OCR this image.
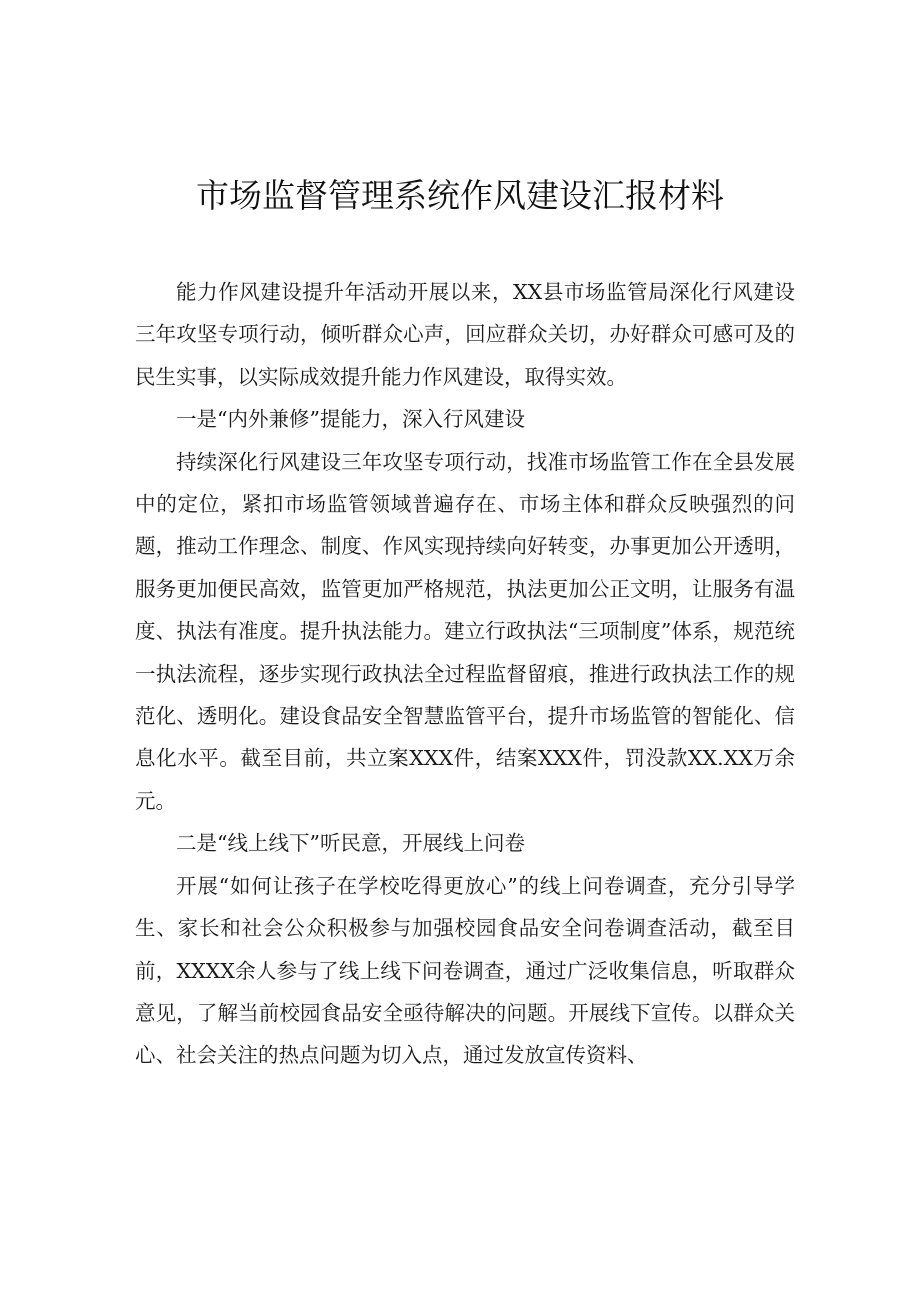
市场监督管理系统作风建设汇报材料

能力作风建设提升年活动开展以来，XX县市场监管局深化行风建设三年攻坚专项行动，倾听群众心声，回应群众关切，办好群众可感可及的民生实事，以实际成效提升能力作风建设，取得实效。

一是“内外兼修”提能力，深入行风建设

持续深化行风建设三年攻坚专项行动，找准市场监管工作在全县发展中的定位，紧扣市场监管领域普遍存在、市场主体和群众反映强烈的问题，推动工作理念、制度、作风实现持续向好转变，办事更加公开透明，服务更加便民高效，监管更加严格规范，执法更加公正文明，让服务有温度、执法有准度。提升执法能力。建立行政执法“三项制度”体系，规范统一执法流程，逐步实现行政执法全过程监督留痕，推进行政执法工作的规范化、透明化。建设食品安全智慧监管平台，提升市场监管的智能化、信息化水平。截至目前，共立案XXX件，结案XXX件，罚没款XX.XX万余元。

二是“线上线下”听民意，开展线上问卷

开展“如何让孩子在学校吃得更放心”的线上问卷调查，充分引导学生、家长和社会公众积极参与加强校园食品安全问卷调查活动，截至目前，XXXX余人参与了线上线下问卷调查，通过广泛收集信息，听取群众意见，了解当前校园食品安全亟待解决的问题。开展线下宣传。以群众关心、社会关注的热点问题为切入点，通过发放宣传资料、
